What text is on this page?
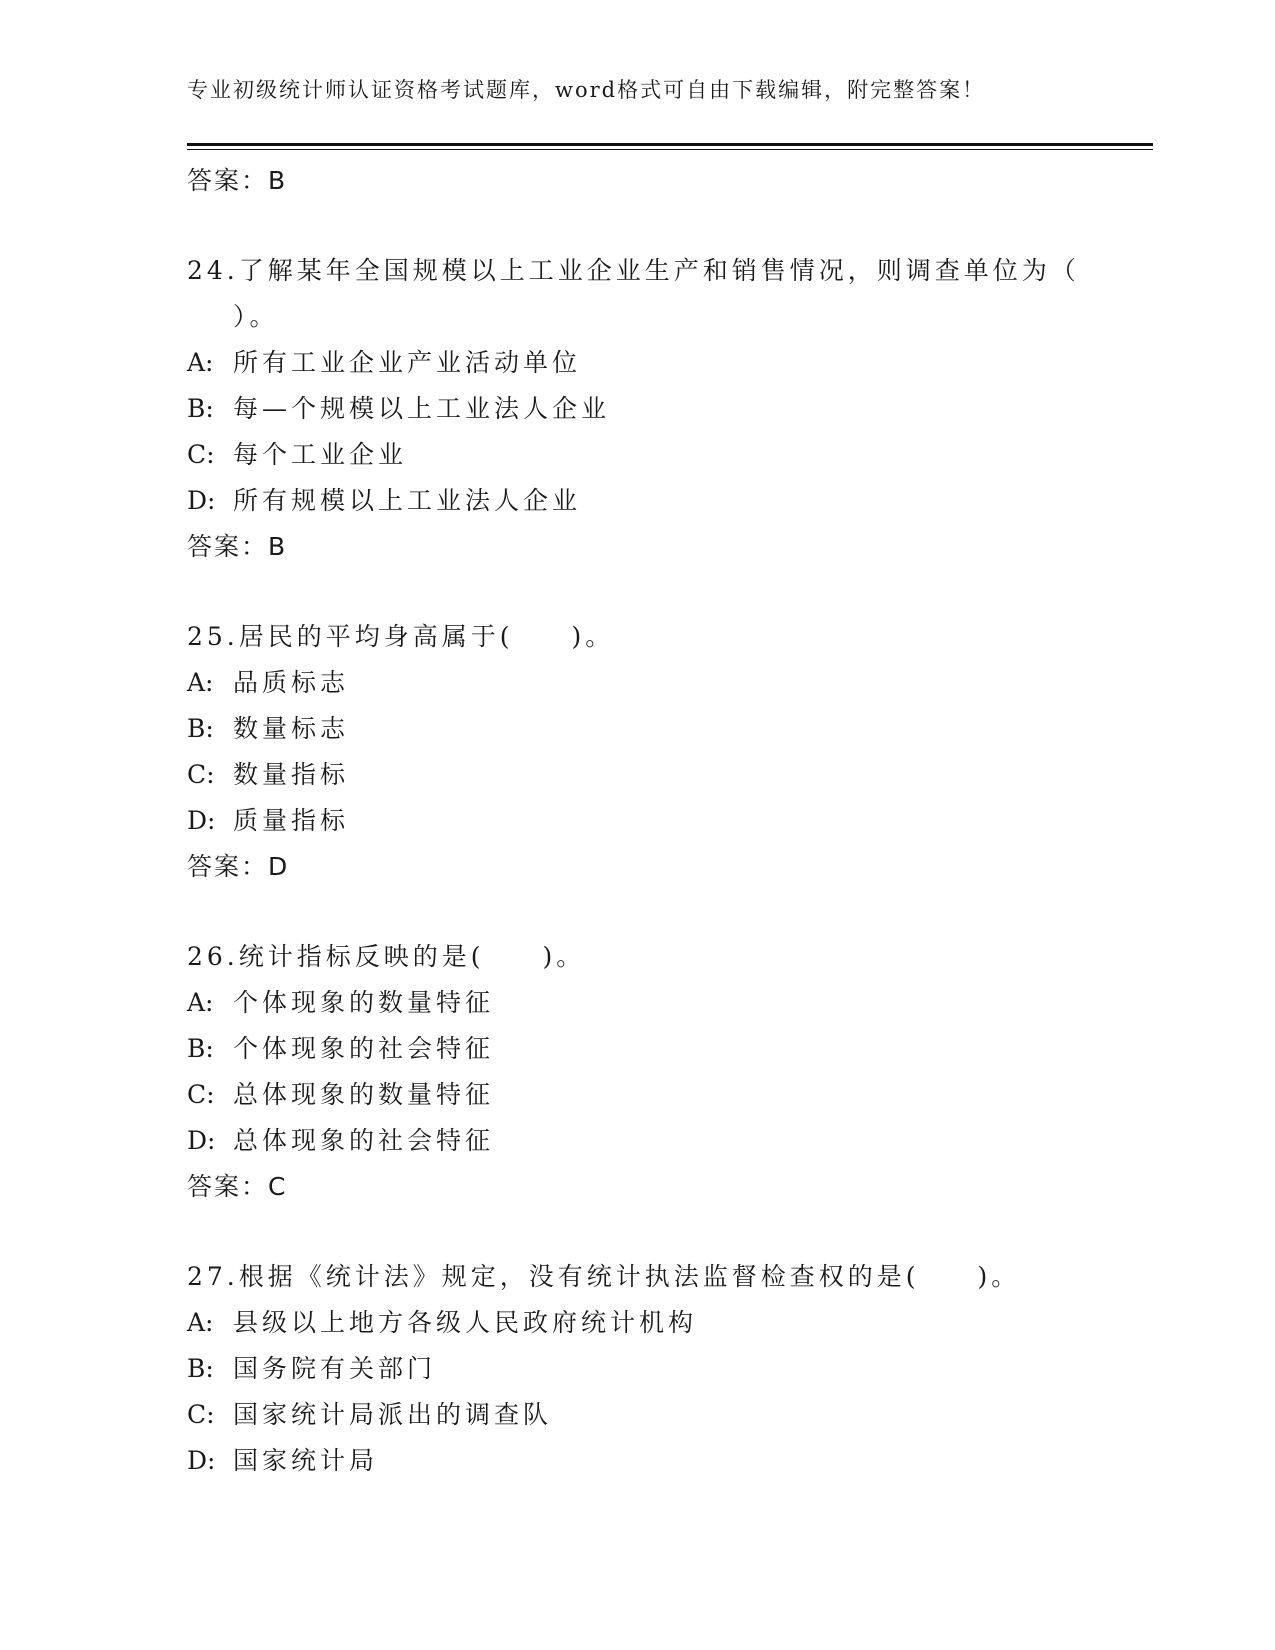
专业初级统计师认证资格考试题库，word格式可自由下载编辑，附完整答案！
答案：B
24.了解某年全国规模以上工业企业生产和销售情况，则调查单位为（
）。
A: 所有工业企业产业活动单位
B: 每—个规模以上工业法人企业
C: 每个工业企业
D: 所有规模以上工业法人企业
答案：B
25.居民的平均身高属于(　　)。
A: 品质标志
B: 数量标志
C: 数量指标
D: 质量指标
答案：D
26.统计指标反映的是(　　)。
A: 个体现象的数量特征
B: 个体现象的社会特征
C: 总体现象的数量特征
D: 总体现象的社会特征
答案：C
27.根据《统计法》规定，没有统计执法监督检查权的是(　　)。
A: 县级以上地方各级人民政府统计机构
B: 国务院有关部门
C: 国家统计局派出的调查队
D: 国家统计局
